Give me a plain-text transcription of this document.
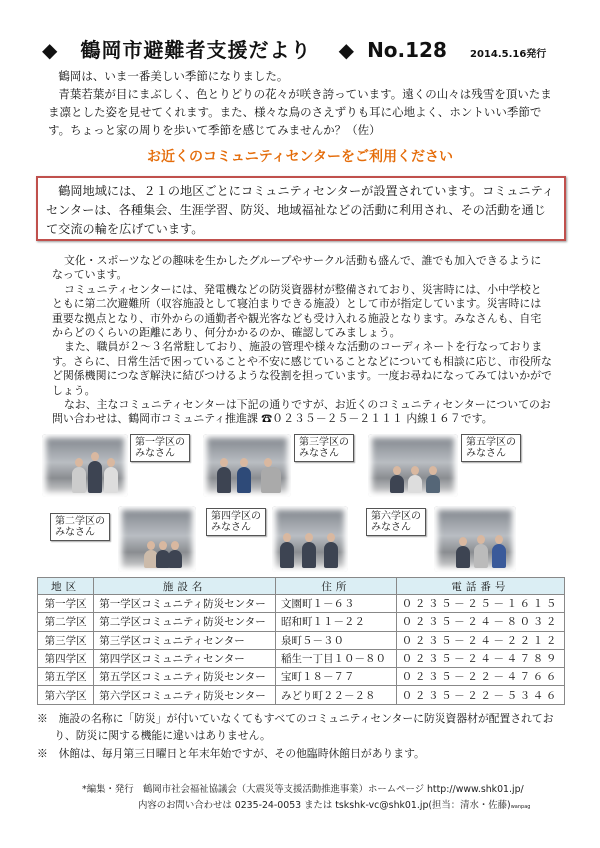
◆ 鶴岡市避難者支援だより ◆ No.128 2014.5.16発行
鶴岡は、いま一番美しい季節になりました。
青葉若葉が目にまぶしく、色とりどりの花々が咲き誇っています。遠くの山々は残雪を頂いたまま凛とした姿を見せてくれます。また、様々な鳥のさえずりも耳に心地よく、ホントいい季節です。ちょっと家の周りを歩いて季節を感じてみませんか？（佐）
お近くのコミュニティセンターをご利用ください
鶴岡地域には、２１の地区ごとにコミュニティセンターが設置されています。コミュニティセンターは、各種集会、生涯学習、防災、地域福祉などの活動に利用され、その活動を通じて交流の輪を広げています。

文化・スポーツなどの趣味を生かしたグループやサークル活動も盛んで、誰でも加入できるようになっています。

コミュニティセンターには、発電機などの防災資器材が整備されており、災害時には、小中学校とともに第二次避難所（収容施設として寝泊まりできる施設）として市が指定しています。災害時には重要な拠点となり、市外からの通勤者や観光客なども受け入れる施設となります。みなさんも、自宅からどのくらいの距離にあり、何分かかるのか、確認してみましょう。

また、職員が２～３名常駐しており、施設の管理や様々な活動のコーディネートを行なっております。さらに、日常生活で困っていることや不安に感じていることなどについても相談に応じ、市役所など関係機関につなぎ解決に結びつけるような役割を担っています。一度お尋ねになってみてはいかがでしょう。

なお、主なコミュニティセンターは下記の通りですが、お近くのコミュニティセンターについてのお問い合わせは、鶴岡市コミュニティ推進課 ☎０２３５－２５－２１１１ 内線１６７です。

第一学区の
みなさん
第三学区の
みなさん
第五学区の
みなさん
第二学区の
みなさん
第四学区の
みなさん
第六学区の
みなさん
地区	施設名	住所	電話番号
第一学区	第一学区コミュニティ防災センター	文園町１－６３	０２３５－２５－１６１５
第二学区	第二学区コミュニティ防災センター	昭和町１１－２２	０２３５－２４－８０３２
第三学区	第三学区コミュニティセンター	泉町５－３０	０２３５－２４－２２１２
第四学区	第四学区コミュニティセンター	稲生一丁目１０－８０	０２３５－２４－４７８９
第五学区	第五学区コミュニティ防災センター	宝町１８－７７	０２３５－２２－４７６６
第六学区	第六学区コミュニティ防災センター	みどり町２２－２８	０２３５－２２－５３４６
※　施設の名称に「防災」が付いていなくてもすべてのコミュニティセンターに防災資器材が配置されており、防災に関する機能に違いはありません。
※　休館は、毎月第三日曜日と年末年始ですが、その他臨時休館日があります。
*編集・発行　鶴岡市社会福祉協議会（大震災等支援活動推進事業）ホームページ http://www.shk01.jp/
内容のお問い合わせは 0235-24-0053 または tskshk-vc@shk01.jp(担当：清水・佐藤)wanpag
